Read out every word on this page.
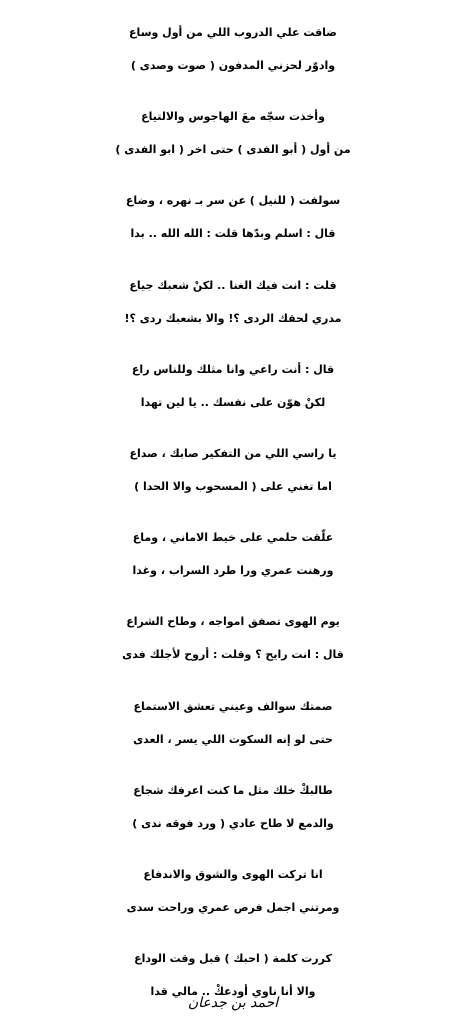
ضاقت علي الدروب اللي من أول وساع
وادوّر لحزني المدفون ( صوت وصدى )
وأخذت سجّه معَ الهاجوس والالتياع
من أول ( أبو الفدى ) حتى اخر ( ابو الفدى )
سولفت ( للنيل ) عن سر بـ نهره ، وضاع
قال : اسلم وبدّها قلت : الله الله .. بدا
قلت : انت فيك الغنا .. لكنْ شعبك جياع
مدري لحقك الردى ؟! والا بشعبك ردى ؟!
قال : أنت راعي وانا مثلك وللناس راع
لكنْ هوّن على نفسك .. يا لين تهدا
يا راسي اللي من التفكير صابك ، صداع
اما تغني على ( المسحوب والا الحدا )
علّقت حلمي على خيط الاماني ، وماع
ورهنت عمري ورا طرد السراب ، وغدا
يوم الهوى تصفق امواجه ، وطاح الشراع
قال : انت رايح ؟ وقلت : أروح لأجلك فدى
صمتك سوالف وعيني تعشق الاستماع
حتى لو إنه السكوت اللي يسر ، العدى
طالبكْ خلك مثل ما كنت اعرفك شجاع
والدمع لا طاح عادي ( ورد فوقه ندى )
انا تركت الهوى والشوق والاندفاع
ومرتني اجمل فرص عمري وراحت سدى
كررت كلمة ( احبك ) قبل وقت الوداع
والا أنا ناوي أودعكْ .. مالي قدا
احمد بن جدعان
